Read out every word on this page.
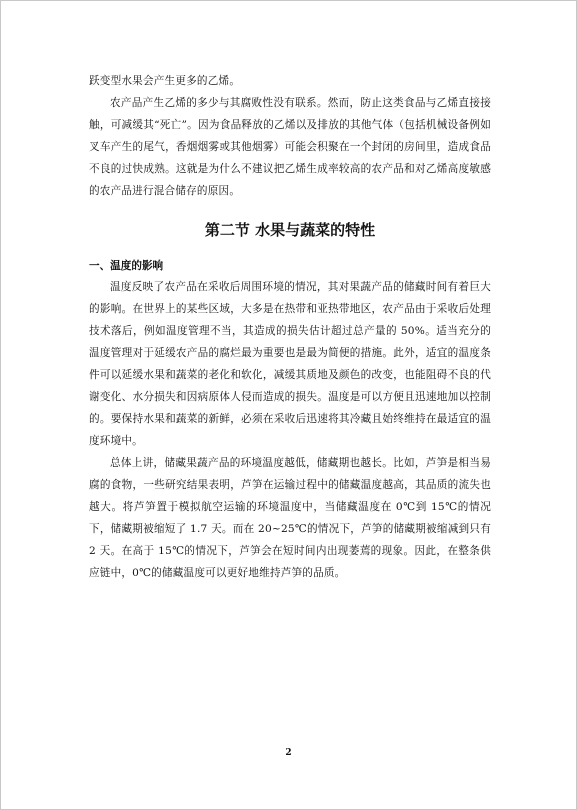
跃变型水果会产生更多的乙烯。

农产品产生乙烯的多少与其腐败性没有联系。然而，防止这类食品与乙烯直接接触，可减缓其“死亡”。因为食品释放的乙烯以及排放的其他气体（包括机械设备例如叉车产生的尾气，香烟烟雾或其他烟雾）可能会积聚在一个封闭的房间里，造成食品不良的过快成熟。这就是为什么不建议把乙烯生成率较高的农产品和对乙烯高度敏感的农产品进行混合储存的原因。

第二节 水果与蔬菜的特性
一、温度的影响

温度反映了农产品在采收后周围环境的情况，其对果蔬产品的储藏时间有着巨大的影响。在世界上的某些区域，大多是在热带和亚热带地区，农产品由于采收后处理技术落后，例如温度管理不当，其造成的损失估计超过总产量的 50%。适当充分的温度管理对于延缓农产品的腐烂最为重要也是最为简便的措施。此外，适宜的温度条件可以延缓水果和蔬菜的老化和软化，减缓其质地及颜色的改变，也能阻碍不良的代谢变化、水分损失和因病原体人侵而造成的损失。温度是可以方便且迅速地加以控制的。要保持水果和蔬菜的新鲜，必须在采收后迅速将其冷藏且始终维持在最适宜的温度环境中。

总体上讲，储藏果蔬产品的环境温度越低，储藏期也越长。比如，芦笋是相当易腐的食物，一些研究结果表明，芦笋在运输过程中的储藏温度越高，其品质的流失也越大。将芦笋置于模拟航空运输的环境温度中，当储藏温度在 0℃到 15℃的情况下，储藏期被缩短了 1.7 天。而在 20~25℃的情况下，芦笋的储藏期被缩减到只有 2 天。在高于 15℃的情况下，芦笋会在短时间内出现萎蔫的现象。因此，在整条供应链中，0℃的储藏温度可以更好地维持芦笋的品质。

2
